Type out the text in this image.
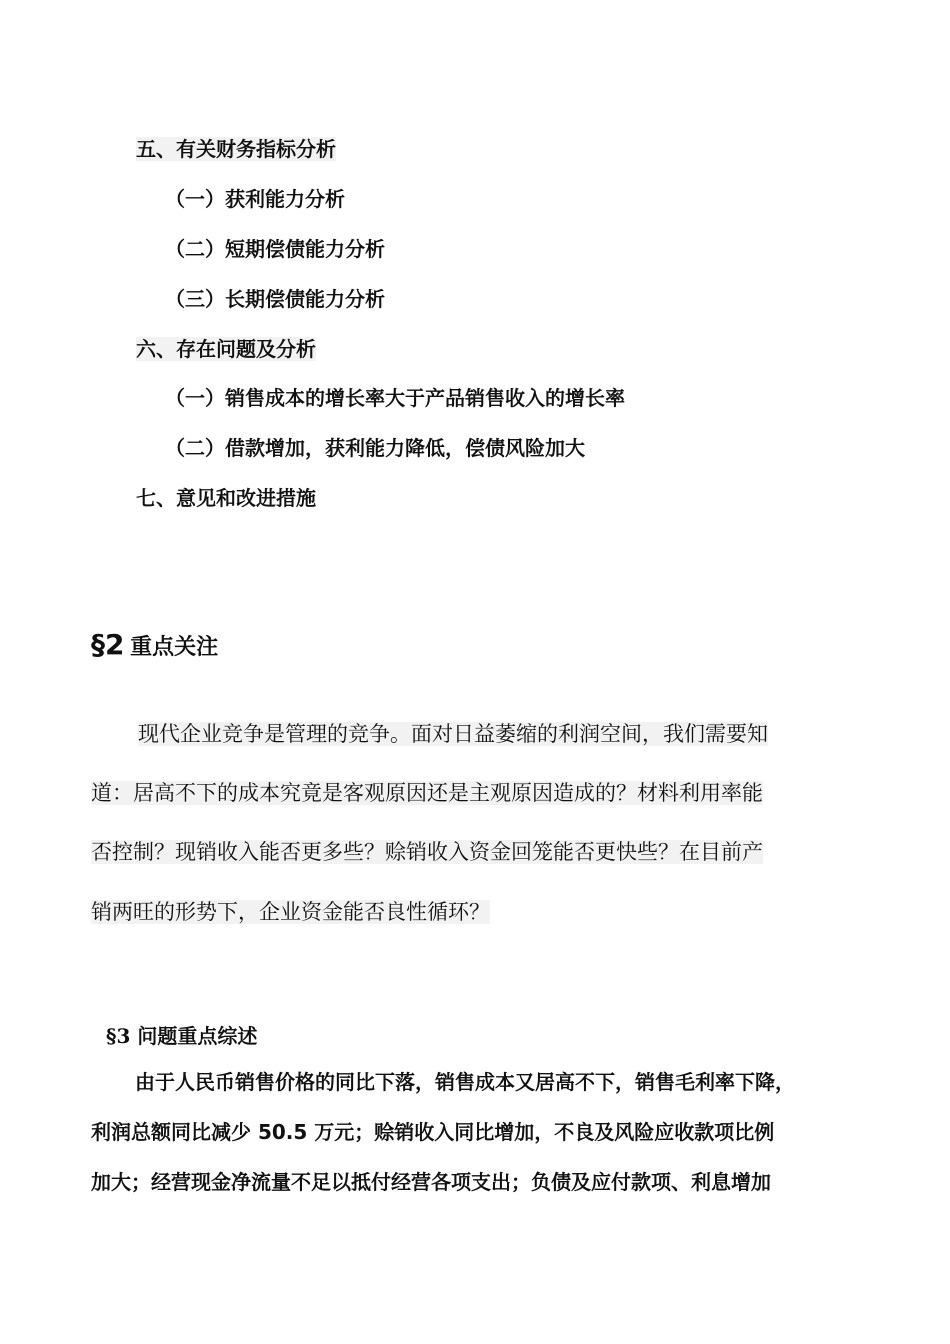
五、有关财务指标分析
（一）获利能力分析
（二）短期偿债能力分析
（三）长期偿债能力分析
六、存在问题及分析
（一）销售成本的增长率大于产品销售收入的增长率
（二）借款增加，获利能力降低，偿债风险加大
七、意见和改进措施
§2 重点关注
现代企业竞争是管理的竞争。面对日益萎缩的利润空间，我们需要知
道：居高不下的成本究竟是客观原因还是主观原因造成的？材料利用率能
否控制？现销收入能否更多些？赊销收入资金回笼能否更快些？在目前产
销两旺的形势下，企业资金能否良性循环？
§3 问题重点综述
由于人民币销售价格的同比下落，销售成本又居高不下，销售毛利率下降，
利润总额同比减少 50.5 万元；赊销收入同比增加，不良及风险应收款项比例
加大；经营现金净流量不足以抵付经营各项支出；负债及应付款项、利息增加
